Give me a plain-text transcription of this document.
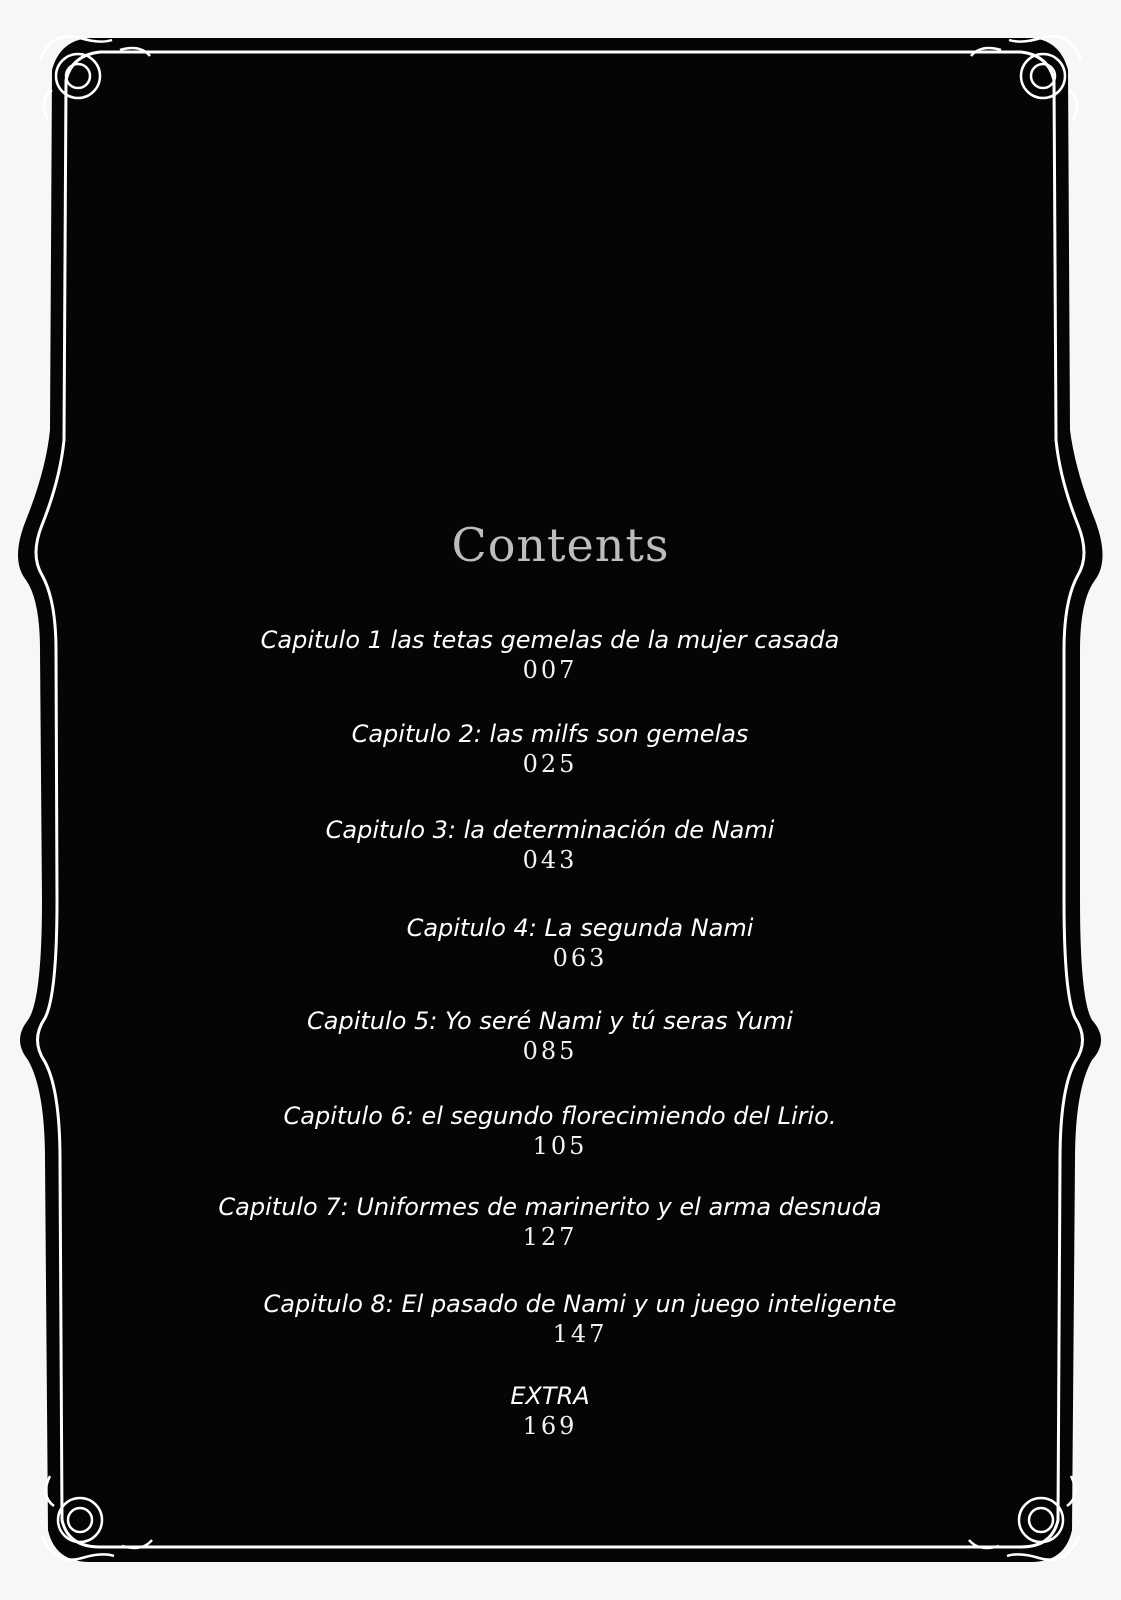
Contents
Capitulo 1 las tetas gemelas de la mujer casada
007
Capitulo 2: las milfs son gemelas
025
Capitulo 3: la determinación de Nami
043
Capitulo 4: La segunda Nami
063
Capitulo 5: Yo seré Nami y tú seras Yumi
085
Capitulo 6: el segundo florecimiendo del Lirio.
105
Capitulo 7: Uniformes de marinerito y el arma desnuda
127
Capitulo 8: El pasado de Nami y un juego inteligente
147
EXTRA
169
